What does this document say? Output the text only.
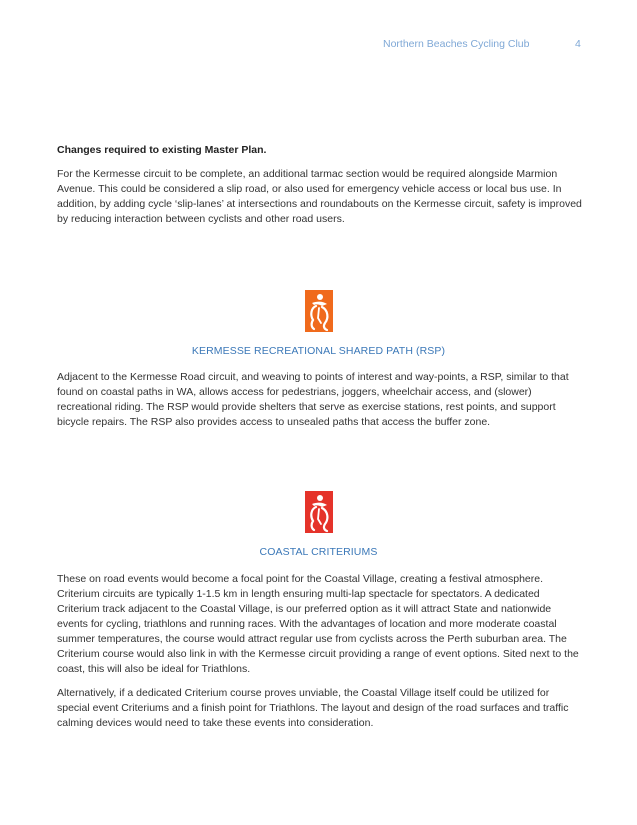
Northern Beaches Cycling Club	4
Changes required to existing Master Plan.
For the Kermesse circuit to be complete, an additional tarmac section would be required alongside Marmion Avenue. This could be considered a slip road, or also used for emergency vehicle access or local bus use. In addition, by adding cycle ‘slip-lanes’ at intersections and roundabouts on the Kermesse circuit, safety is improved by reducing interaction between cyclists and other road users.
KERMESSE RECREATIONAL SHARED PATH (RSP)
Adjacent to the Kermesse Road circuit, and weaving to points of interest and way-points, a RSP, similar to that found on coastal paths in WA, allows access for pedestrians, joggers, wheelchair access, and (slower) recreational riding. The RSP would provide shelters that serve as exercise stations, rest points, and support bicycle repairs. The RSP also provides access to unsealed paths that access the buffer zone.
COASTAL CRITERIUMS
These on road events would become a focal point for the Coastal Village, creating a festival atmosphere. Criterium circuits are typically 1-1.5 km in length ensuring multi-lap spectacle for spectators. A dedicated Criterium track adjacent to the Coastal Village, is our preferred option as it will attract State and nationwide events for cycling, triathlons and running races. With the advantages of location and more moderate coastal summer temperatures, the course would attract regular use from cyclists across the Perth suburban area. The Criterium course would also link in with the Kermesse circuit providing a range of event options. Sited next to the coast, this will also be ideal for Triathlons.
Alternatively, if a dedicated Criterium course proves unviable, the Coastal Village itself could be utilized for special event Criteriums and a finish point for Triathlons. The layout and design of the road surfaces and traffic calming devices would need to take these events into consideration.
